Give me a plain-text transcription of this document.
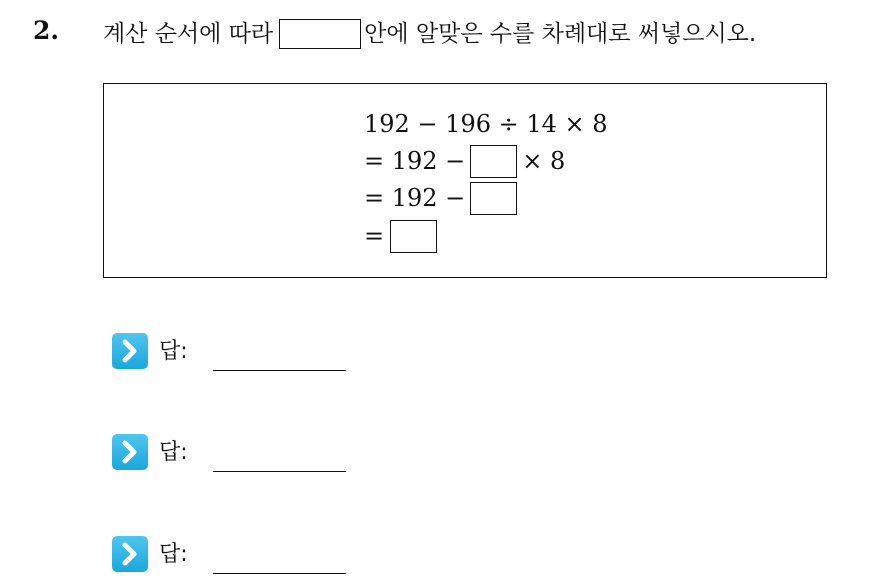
2. 계산 순서에 따라	안에 알맞은 수를 차례대로 써넣으시오.
192 − 196 ÷ 14 × 8
= 192 − × 8
= 192 −
=
답:
답:
답:
